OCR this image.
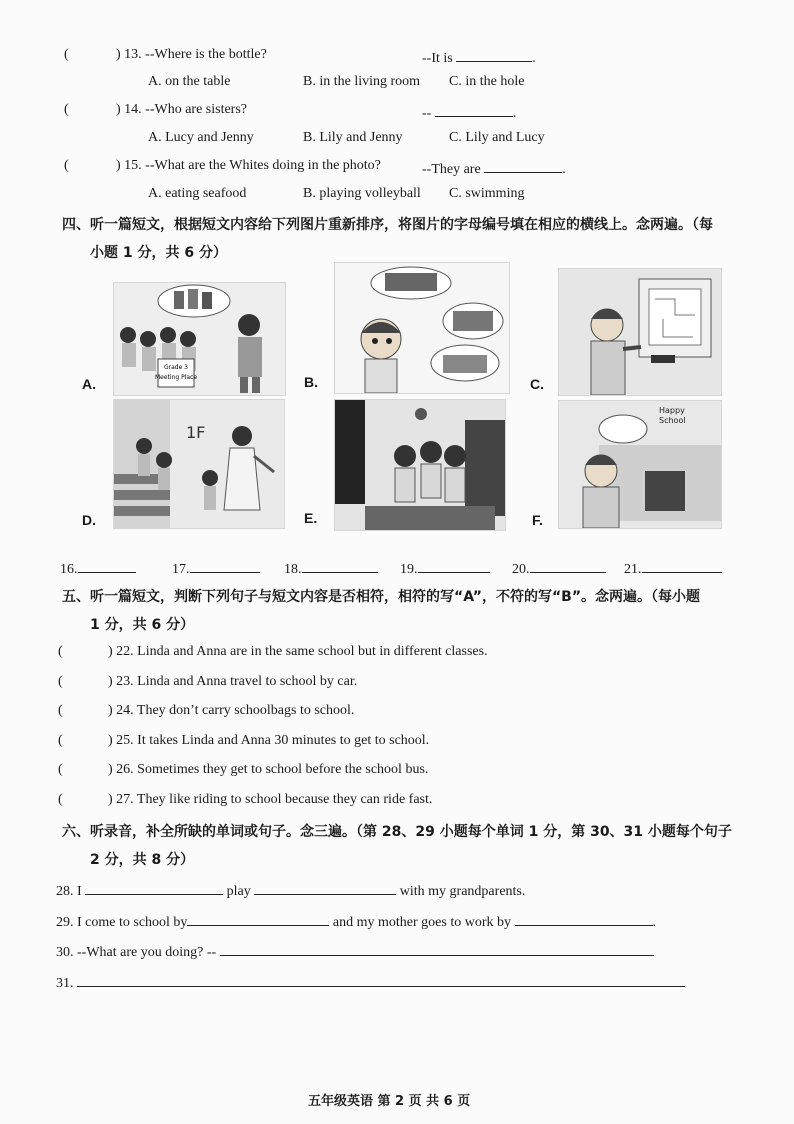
(	) 13. --Where is the bottle?	--It is	.
A. on the table	B. in the living room C. in the hole
(	) 14. --Who are sisters?	--	.
A. Lucy and Jenny	B. Lily and Jenny	C. Lily and Lucy
(	) 15. --What are the Whites doing in the photo?	--They are	.
A. eating seafood	B. playing volleyball C. swimming
四、听一篇短文，根据短文内容给下列图片重新排序，将图片的字母编号填在相应的横线上。念两遍。（每
小题 1 分，共 6 分）
Grade 3
Meeting Place
A.	B.	C.
1F
D.	E.
Happy
School
F.
16.	17.	18.	19.	20.	21.
五、听一篇短文，判断下列句子与短文内容是否相符，相符的写“A”，不符的写“B”。念两遍。（每小题
1 分，共 6 分）
(	) 22. Linda and Anna are in the same school but in different classes.
(	) 23. Linda and Anna travel to school by car.
(	) 24. They don’t carry schoolbags to school.
(	) 25. It takes Linda and Anna 30 minutes to get to school.
(	) 26. Sometimes they get to school before the school bus.
(	) 27. They like riding to school because they can ride fast.
六、听录音，补全所缺的单词或句子。念三遍。（第 28、29 小题每个单词 1 分，第 30、31 小题每个句子
2 分，共 8 分）
28. I	play	with my grandparents.
29. I come to school by	and my mother goes to work by	.
30. --What are you doing? --
31.
五年级英语 第 2 页 共 6 页
